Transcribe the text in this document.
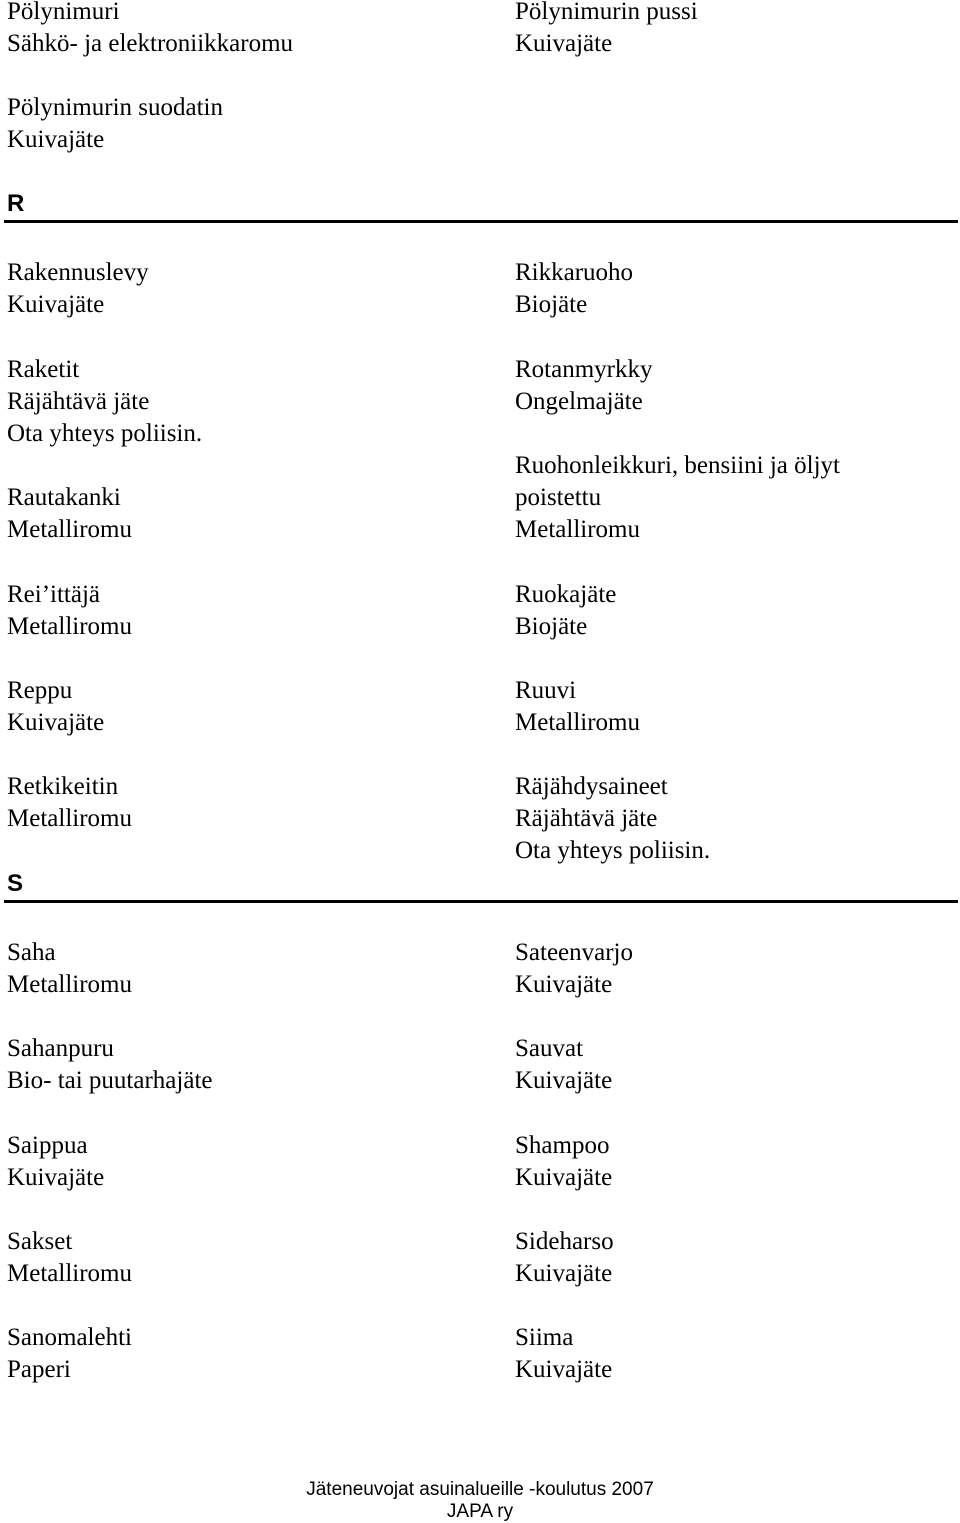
Pölynimuri
Sähkö- ja elektroniikkaromu
Pölynimurin pussi
Kuivajäte
Pölynimurin suodatin
Kuivajäte
R
Rakennuslevy
Kuivajäte
Raketit
Räjähtävä jäte
Ota yhteys poliisin.
Rautakanki
Metalliromu
Rei’ittäjä
Metalliromu
Reppu
Kuivajäte
Retkikeitin
Metalliromu
Rikkaruoho
Biojäte
Rotanmyrkky
Ongelmajäte
Ruohonleikkuri, bensiini ja öljyt
poistettu
Metalliromu
Ruokajäte
Biojäte
Ruuvi
Metalliromu
Räjähdysaineet
Räjähtävä jäte
Ota yhteys poliisin.
S
Saha
Metalliromu
Sahanpuru
Bio- tai puutarhajäte
Saippua
Kuivajäte
Sakset
Metalliromu
Sanomalehti
Paperi
Sateenvarjo
Kuivajäte
Sauvat
Kuivajäte
Shampoo
Kuivajäte
Sideharso
Kuivajäte
Siima
Kuivajäte
Jäteneuvojat asuinalueille -koulutus 2007
JAPA ry
